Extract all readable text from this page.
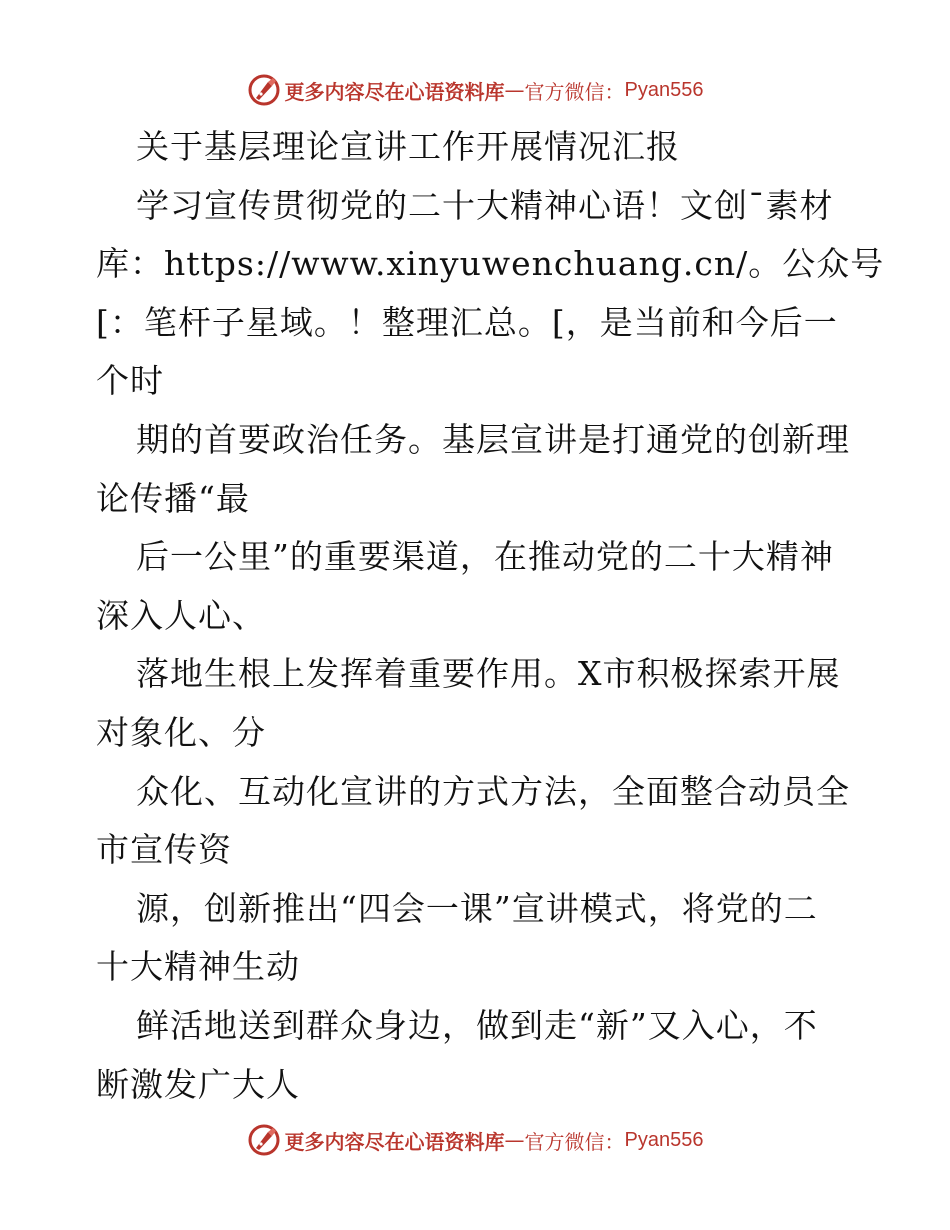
更多内容尽在心语资料库 — 官方微信： Pyan556
关于基层理论宣讲工作开展情况汇报
学习宣传贯彻党的二十大精神心语！文创¯素材
库：https://www.xinyuwenchuang.cn/。公众号
[：笔杆子星域。！整理汇总。[，是当前和今后一
个时
期的首要政治任务。基层宣讲是打通党的创新理
论传播“最
后一公里”的重要渠道，在推动党的二十大精神
深入人心、
落地生根上发挥着重要作用。X市积极探索开展
对象化、分
众化、互动化宣讲的方式方法，全面整合动员全
市宣传资
源，创新推出“四会一课”宣讲模式，将党的二
十大精神生动
鲜活地送到群众身边，做到走“新”又入心，不
断激发广大人
更多内容尽在心语资料库 — 官方微信： Pyan556
